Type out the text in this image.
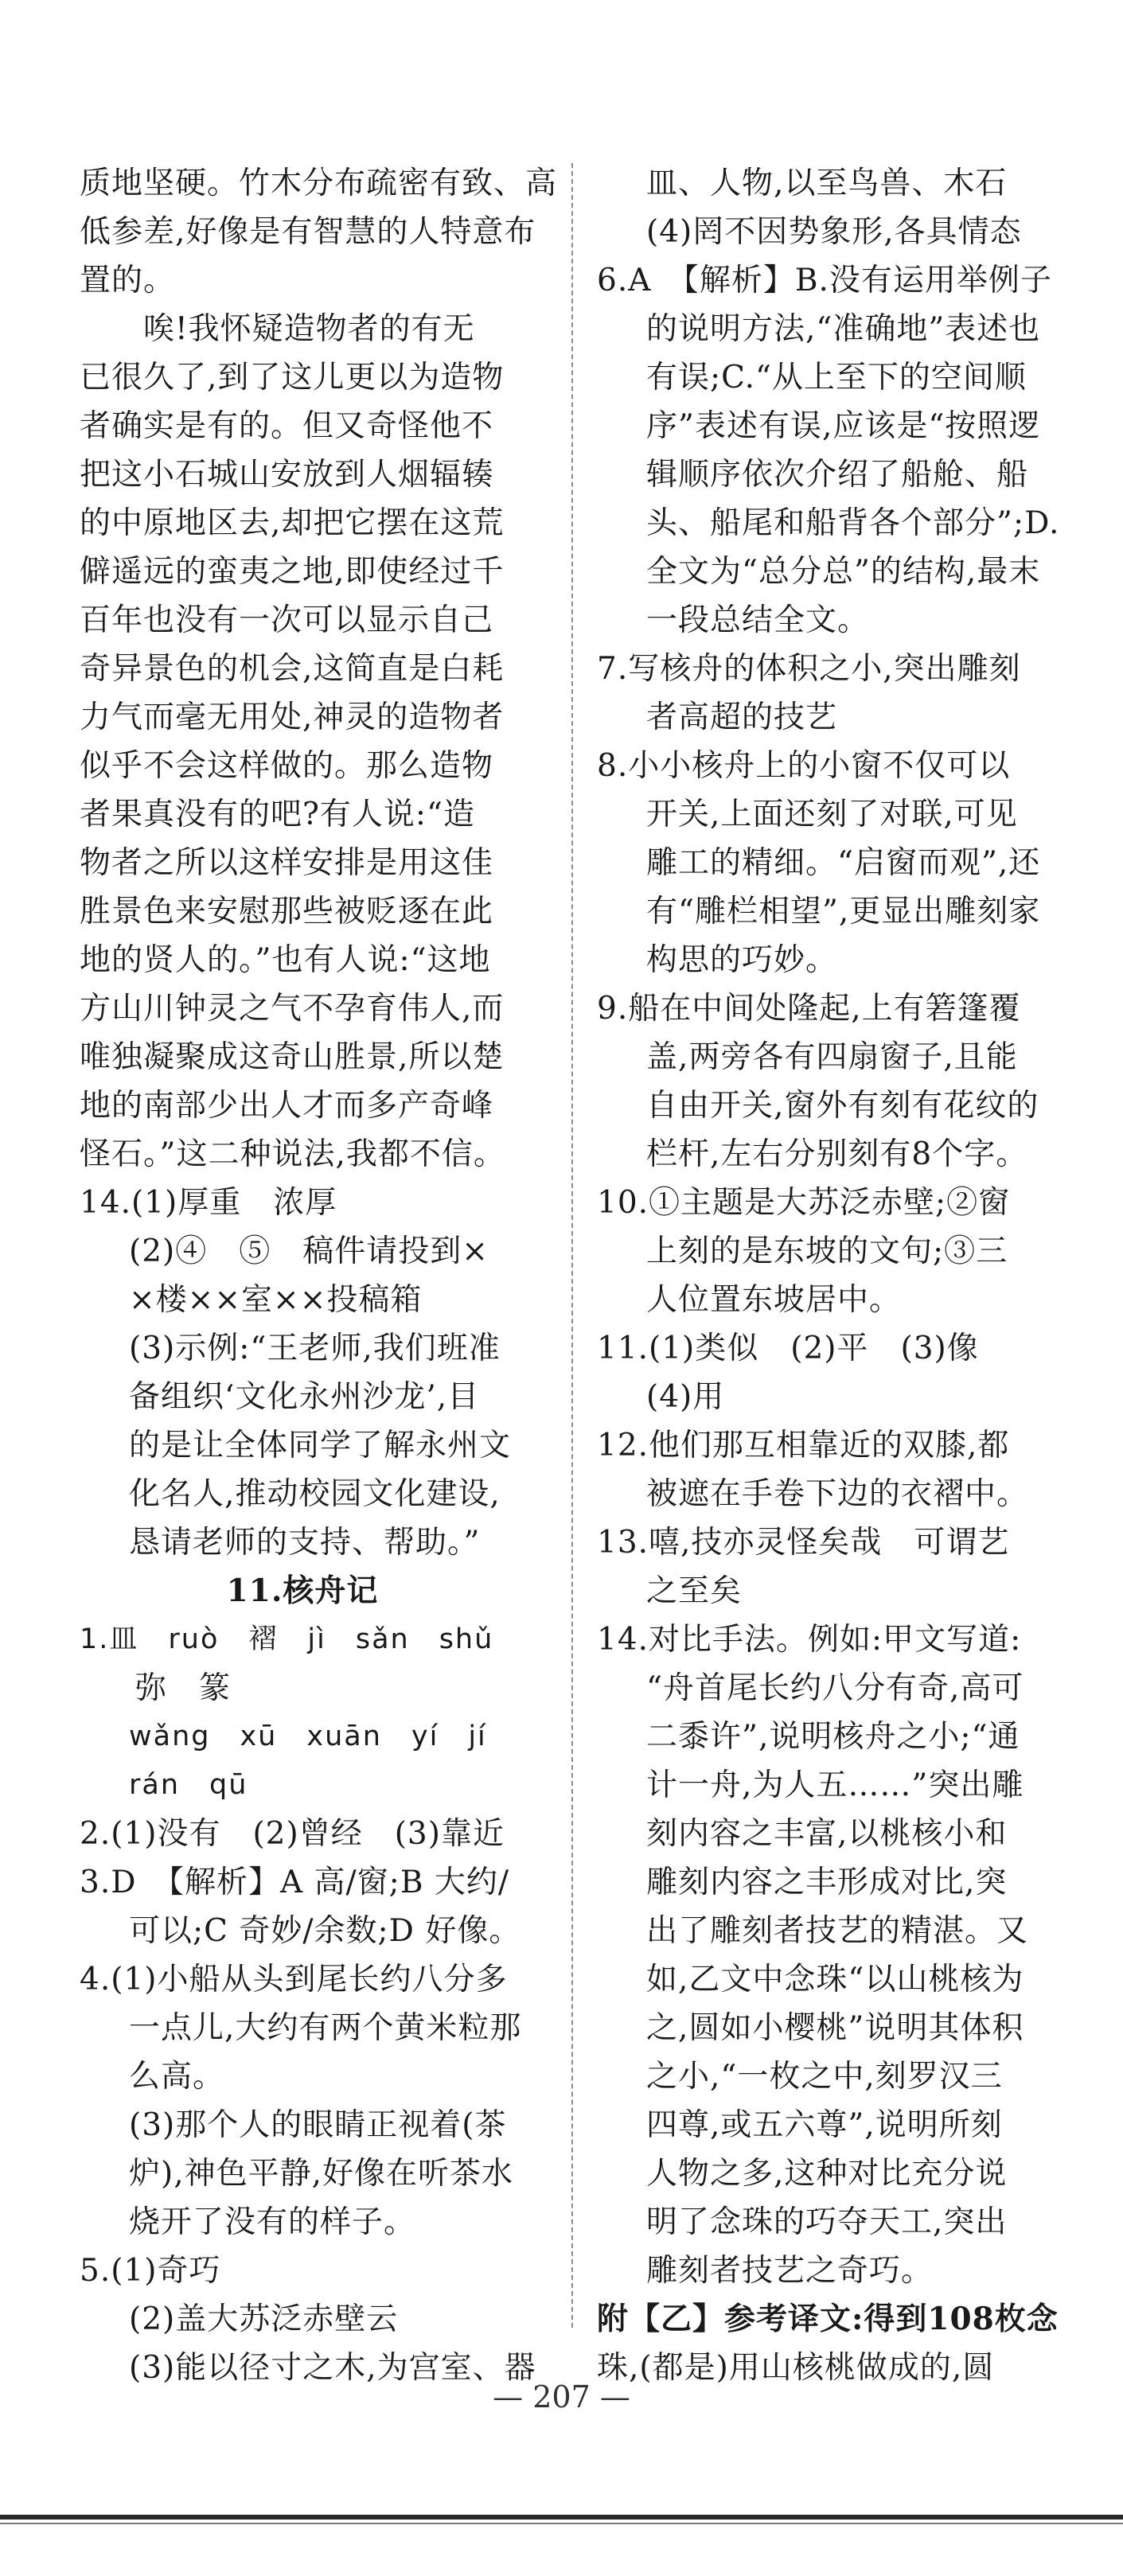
质地坚硬。竹木分布疏密有致、高
低参差,好像是有智慧的人特意布
置的。
唉!我怀疑造物者的有无
已很久了,到了这儿更以为造物
者确实是有的。但又奇怪他不
把这小石城山安放到人烟辐辏
的中原地区去,却把它摆在这荒
僻遥远的蛮夷之地,即使经过千
百年也没有一次可以显示自己
奇异景色的机会,这简直是白耗
力气而毫无用处,神灵的造物者
似乎不会这样做的。那么造物
者果真没有的吧?有人说:“造
物者之所以这样安排是用这佳
胜景色来安慰那些被贬逐在此
地的贤人的。”也有人说:“这地
方山川钟灵之气不孕育伟人,而
唯独凝聚成这奇山胜景,所以楚
地的南部少出人才而多产奇峰
怪石。”这二种说法,我都不信。
14.(1)厚重　浓厚
(2)④　⑤　稿件请投到×
×楼××室××投稿箱
(3)示例:“王老师,我们班准
备组织‘文化永州沙龙’,目
的是让全体同学了解永州文
化名人,推动校园文化建设,
恳请老师的支持、帮助。”
11.核舟记
1.皿　ruò　褶　jì　sǎn　shǔ
弥　篆
wǎng　xū　xuān　yí　jí
rán　qū
2.(1)没有　(2)曾经　(3)靠近
3.D　【解析】A 高/窗;B 大约/
可以;C 奇妙/余数;D 好像。
4.(1)小船从头到尾长约八分多
一点儿,大约有两个黄米粒那
么高。
(3)那个人的眼睛正视着(茶
炉),神色平静,好像在听茶水
烧开了没有的样子。
5.(1)奇巧
(2)盖大苏泛赤壁云
(3)能以径寸之木,为宫室、器
皿、人物,以至鸟兽、木石
(4)罔不因势象形,各具情态
6.A　【解析】B.没有运用举例子
的说明方法,“准确地”表述也
有误;C.“从上至下的空间顺
序”表述有误,应该是“按照逻
辑顺序依次介绍了船舱、船
头、船尾和船背各个部分”;D.
全文为“总分总”的结构,最末
一段总结全文。
7.写核舟的体积之小,突出雕刻
者高超的技艺
8.小小核舟上的小窗不仅可以
开关,上面还刻了对联,可见
雕工的精细。“启窗而观”,还
有“雕栏相望”,更显出雕刻家
构思的巧妙。
9.船在中间处隆起,上有箬篷覆
盖,两旁各有四扇窗子,且能
自由开关,窗外有刻有花纹的
栏杆,左右分别刻有8个字。
10.①主题是大苏泛赤壁;②窗
上刻的是东坡的文句;③三
人位置东坡居中。
11.(1)类似　(2)平　(3)像
(4)用
12.他们那互相靠近的双膝,都
被遮在手卷下边的衣褶中。
13.嘻,技亦灵怪矣哉　可谓艺
之至矣
14.对比手法。例如:甲文写道:
“舟首尾长约八分有奇,高可
二黍许”,说明核舟之小;“通
计一舟,为人五……”突出雕
刻内容之丰富,以桃核小和
雕刻内容之丰形成对比,突
出了雕刻者技艺的精湛。又
如,乙文中念珠“以山桃核为
之,圆如小樱桃”说明其体积
之小,“一枚之中,刻罗汉三
四尊,或五六尊”,说明所刻
人物之多,这种对比充分说
明了念珠的巧夺天工,突出
雕刻者技艺之奇巧。
附【乙】参考译文:得到108枚念
珠,(都是)用山核桃做成的,圆
— 207 —
